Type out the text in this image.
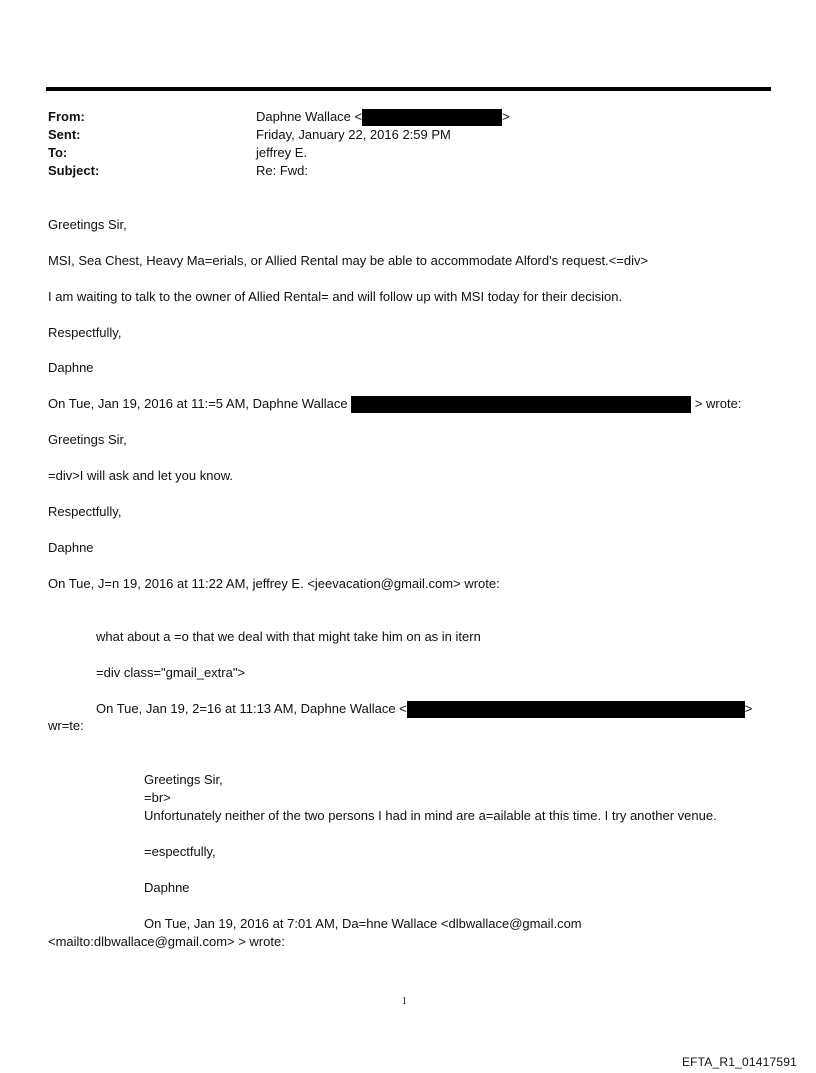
From:	Daphne Wallace <	>
Sent:	Friday, January 22, 2016 2:59 PM
To:	jeffrey E.
Subject:	Re: Fwd:
Greetings Sir,
MSI, Sea Chest, Heavy Ma=erials, or Allied Rental may be able to accommodate Alford's request.<=div>
I am waiting to talk to the owner of Allied Rental= and will follow up with MSI today for their decision.
Respectfully,
Daphne
On Tue, Jan 19, 2016 at 11:=5 AM, Daphne Wallace	> wrote:
Greetings Sir,
=div>I will ask and let you know.
Respectfully,
Daphne
On Tue, J=n 19, 2016 at 11:22 AM, jeffrey E. <jeevacation@gmail.com> wrote:
what about a =o that we deal with that might take him on as in itern
=div class="gmail_extra">
On Tue, Jan 19, 2=16 at 11:13 AM, Daphne Wallace <	>
wr=te:
Greetings Sir,
=br>
Unfortunately neither of the two persons I had in mind are a=ailable at this time. I try another venue.
=espectfully,
Daphne
On Tue, Jan 19, 2016 at 7:01 AM, Da=hne Wallace <dlbwallace@gmail.com
<mailto:dlbwallace@gmail.com> > wrote:
1
EFTA_R1_01417591
